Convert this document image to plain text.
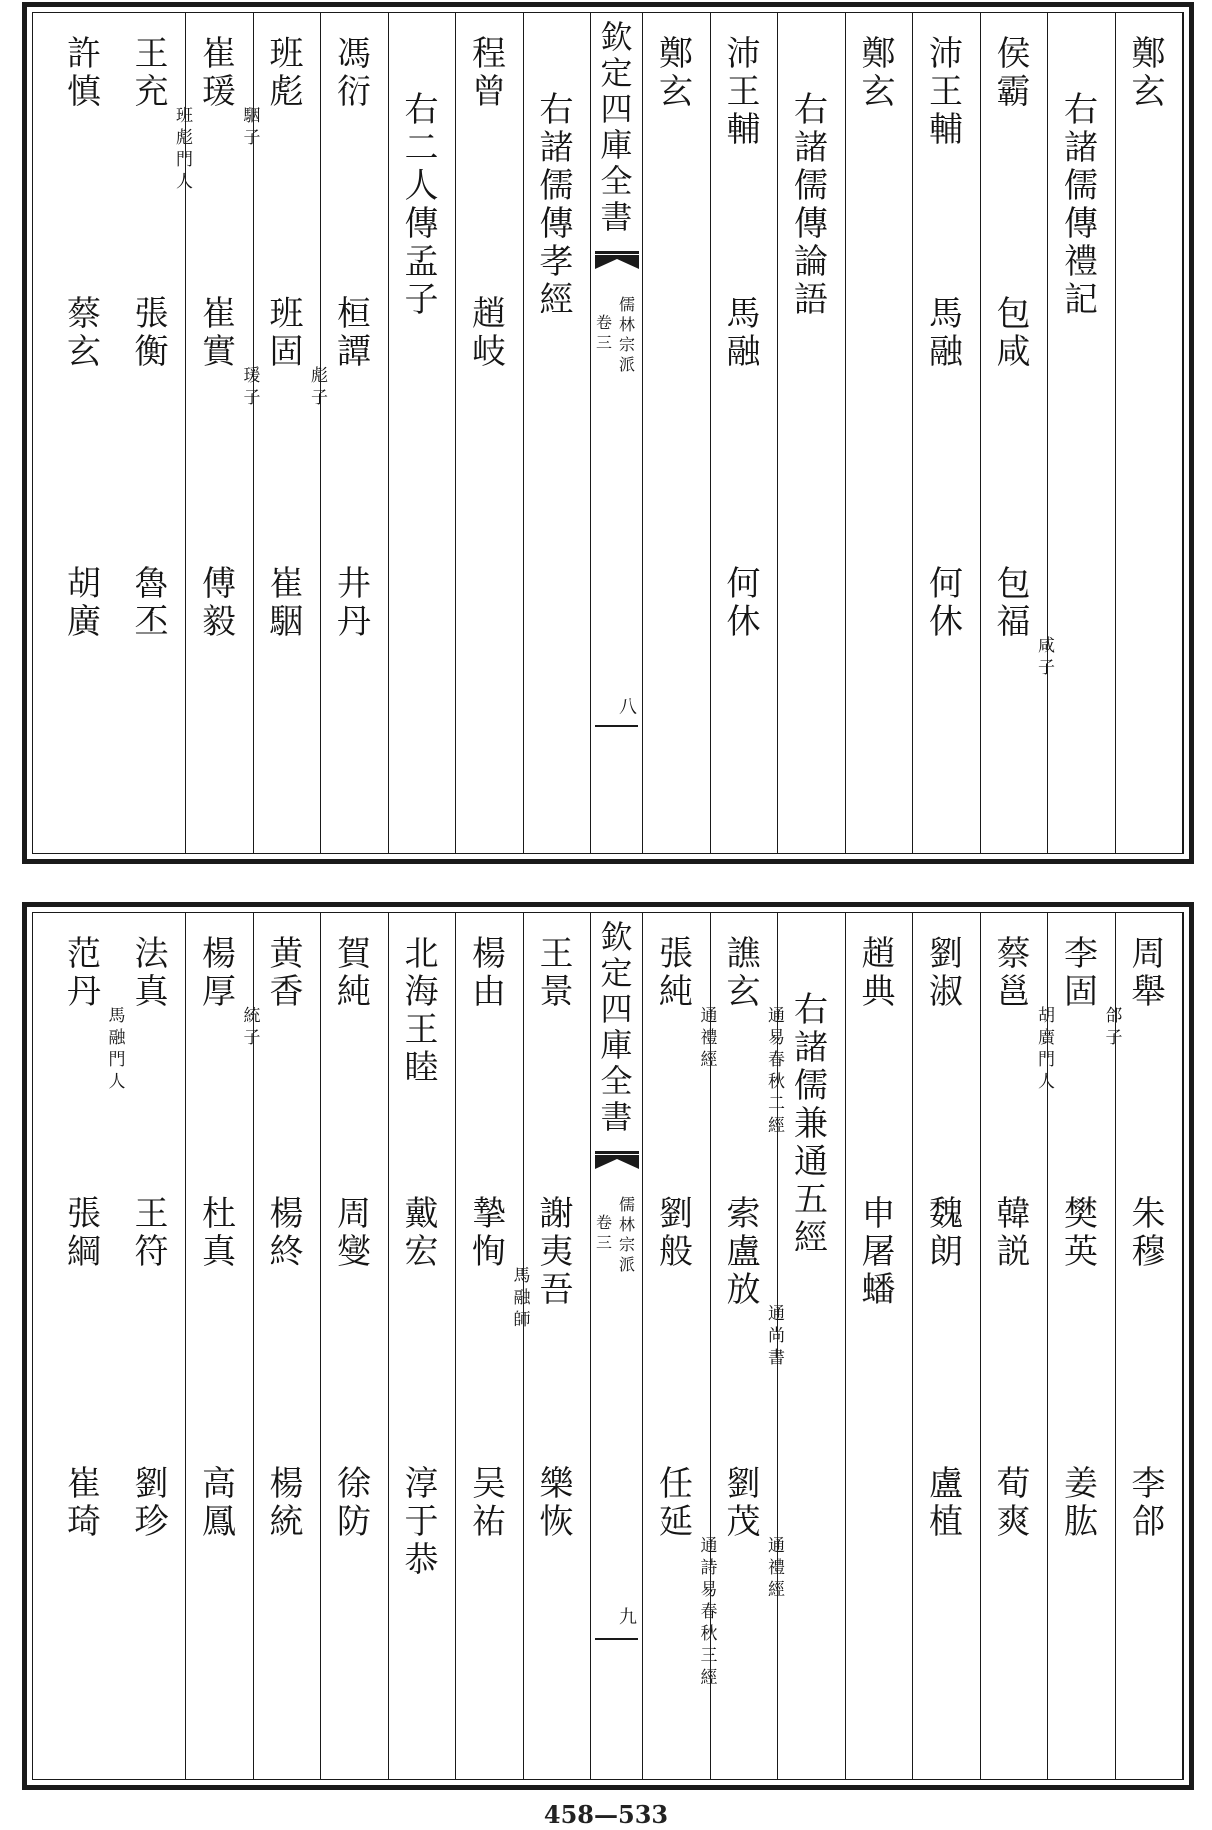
鄭
玄
右
諸
儒
傳
禮
記
侯
霸
包
咸
包
福
咸
子
沛
王
輔
馬
融
何
休
鄭
玄
右
諸
儒
傳
論
語
沛
王
輔
馬
融
何
休
鄭
玄
欽
定
四
庫
全
書
卷
三
儒
林
宗
派
八
右
諸
儒
傳
孝
經
程
曾
趙
岐
右
二
人
傳
孟
子
馮
衍
桓
譚
井
丹
班
彪
班
固
彪
子
崔
駰
崔
瑗
駰
子
崔
實
瑗
子
傅
毅
王
充
班
彪
門
人
張
衡
魯
丕
許
慎
蔡
玄
胡
廣
周
舉
朱
穆
李
郃
李
固
郃
子
樊
英
姜
肱
蔡
邕
胡
廣
門
人
韓
説
荀
爽
劉
淑
魏
朗
盧
植
趙
典
申
屠
蟠
右
諸
儒
兼
通
五
經
譙
玄
通
易
春
秋
二
經
索
盧
放
通
尚
書
劉
茂
通
禮
經
張
純
通
禮
經
劉
般
任
延
通
詩
易
春
秋
三
經
欽
定
四
庫
全
書
卷
三
儒
林
宗
派
九
王
景
謝
夷
吾
樂
恢
楊
由
摯
恂
馬
融
師
吴
祐
北
海
王
睦
戴
宏
淳
于
恭
賀
純
周
燮
徐
防
黄
香
楊
終
楊
統
楊
厚
統
子
杜
真
高
鳳
法
真
王
符
劉
珍
范
丹
馬
融
門
人
張
綱
崔
琦
458—533
